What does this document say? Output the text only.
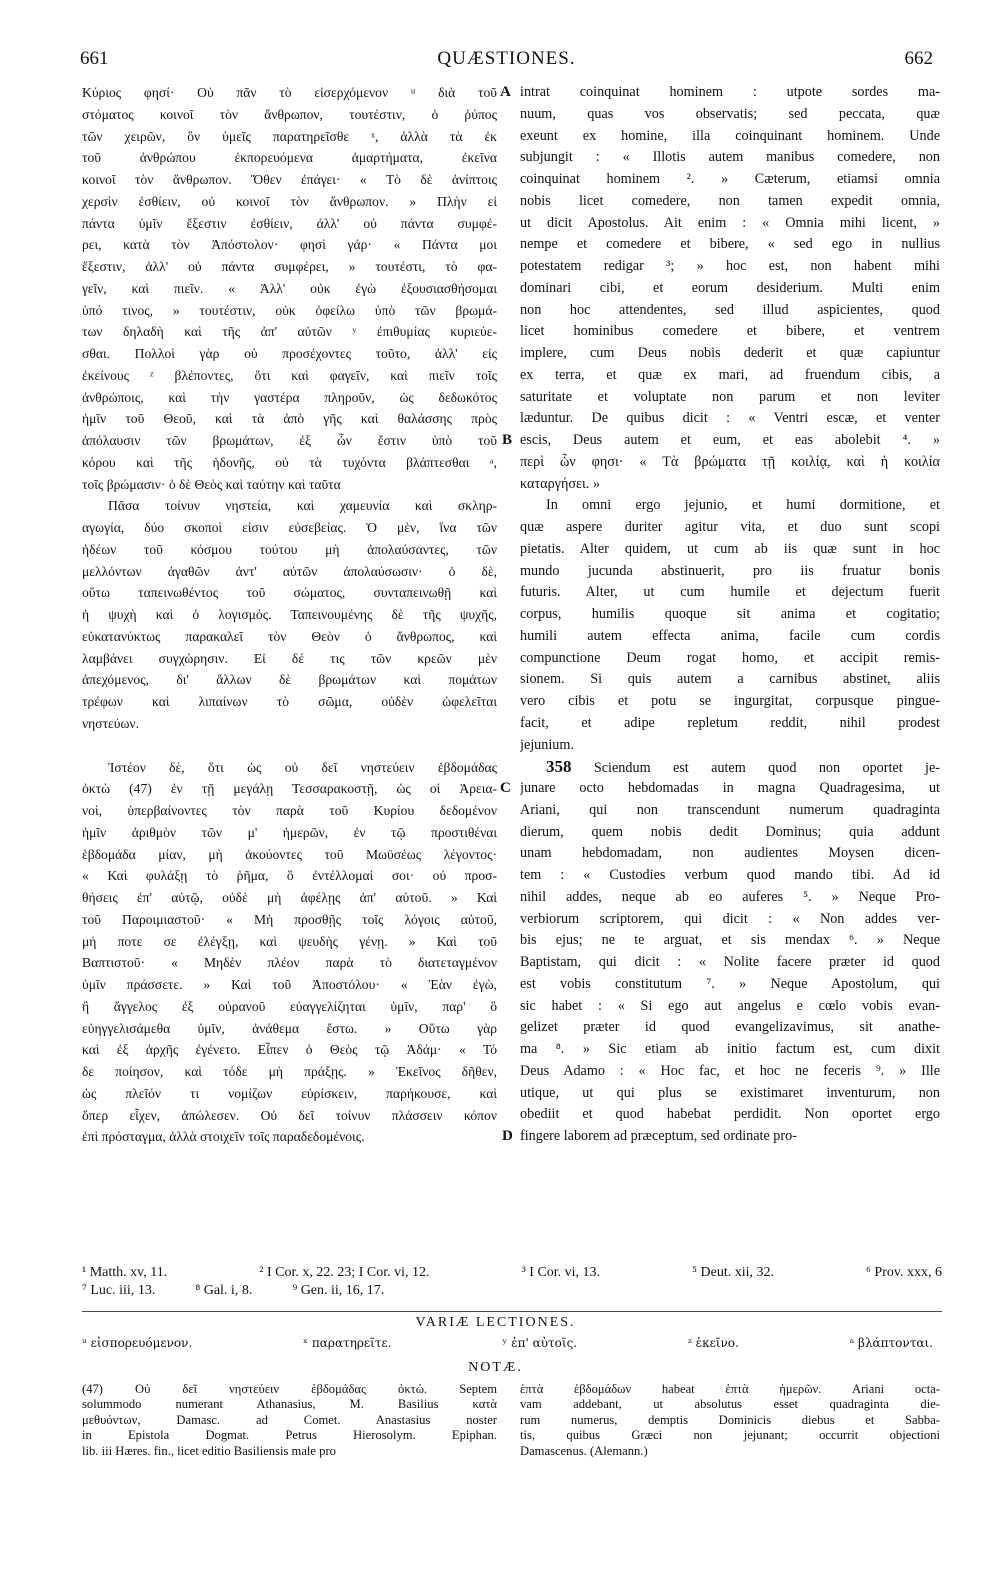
661	QUÆSTIONES.	662
Κύριος φησί· Οὐ πᾶν τὸ εἰσερχόμενον ᵘ διὰ τοῦ
στόματος κοινοῖ τὸν ἄνθρωπον, τουτέστιν, ὁ ῥύπος
τῶν χειρῶν, ὃν ὑμεῖς παρατηρεῖσθε ˣ, ἀλλὰ τὰ ἐκ
τοῦ ἀνθρώπου ἐκπορευόμενα ἁμαρτήματα, ἐκεῖνα
κοινοῖ τὸν ἄνθρωπον. Ὅθεν ἐπάγει· « Τὸ δὲ ἀνίπτοις
χερσὶν ἐσθίειν, οὐ κοινοῖ τὸν ἄνθρωπον. » Πλὴν εἰ
πάντα ὑμῖν ἔξεστιν ἐσθίειν, ἀλλ' οὐ πάντα συμφέ-
ρει, κατὰ τὸν Ἀπόστολον· φησὶ γάρ· « Πάντα μοι
ἔξεστιν, ἀλλ' οὐ πάντα συμφέρει, » τουτέστι, τὸ φα-
γεῖν, καὶ πιεῖν. « Ἀλλ' οὐκ ἐγὼ ἐξουσιασθήσομαι
ὑπό τινος, » τουτέστιν, οὐκ ὀφείλω ὑπὸ τῶν βρωμά-
των δηλαδὴ καὶ τῆς ἀπ' αὐτῶν ʸ ἐπιθυμίας κυριεύε-
σθαι. Πολλοὶ γὰρ οὐ προσέχοντες τοῦτο, ἀλλ' εἰς
ἐκείνους ᶻ βλέποντες, ὅτι καὶ φαγεῖν, καὶ πιεῖν τοῖς
ἀνθρώποις, καὶ τὴν γαστέρα πληροῦν, ὡς δεδωκότος
ἡμῖν τοῦ Θεοῦ, καὶ τὰ ἀπὸ γῆς καὶ θαλάσσης πρὸς
ἀπόλαυσιν τῶν βρωμάτων, ἐξ ὧν ἔστιν ὑπὸ τοῦ
κόρου καὶ τῆς ἡδονῆς, οὐ τὰ τυχόντα βλάπτεσθαι ᵃ,
τοῖς βρώμασιν· ὁ δὲ Θεὸς καὶ ταύτην καὶ ταῦτα
Πᾶσα τοίνυν νηστεία, καὶ χαμευνία καὶ σκληρ-
αγωγία, δύο σκοποὶ εἰσιν εὐσεβείας. Ὁ μὲν, ἵνα τῶν
ἡδέων τοῦ κόσμου τούτου μὴ ἀπολαύσαντες, τῶν
μελλόντων ἀγαθῶν ἀντ' αὐτῶν ἀπολαύσωσιν· ὁ δὲ,
οὕτω ταπεινωθέντος τοῦ σώματος, συνταπεινωθῇ καὶ
ἡ ψυχὴ καὶ ὁ λογισμός. Ταπεινουμένης δὲ τῆς ψυχῆς,
εὐκατανύκτως παρακαλεῖ τὸν Θεὸν ὁ ἄνθρωπος, καὶ
λαμβάνει συγχώρησιν. Εἰ δέ τις τῶν κρεῶν μὲν
ἀπεχόμενος, δι' ἄλλων δὲ βρωμάτων καὶ πομάτων
τρέφων καὶ λιπαίνων τὸ σῶμα, οὐδὲν ὠφελεῖται
νηστεύων.
Ἰστέον δὲ, ὅτι ὡς οὐ δεῖ νηστεύειν ἑβδομάδας
ὀκτὼ (47) ἐν τῇ μεγάλῃ Τεσσαρακοστῇ, ὡς οἱ Ἀρεια-
νοὶ, ὑπερβαίνοντες τὸν παρὰ τοῦ Κυρίου δεδομένον
ἡμῖν ἀριθμὸν τῶν μ' ἡμερῶν, ἐν τῷ προστιθέναι
ἑβδομάδα μίαν, μὴ ἀκούοντες τοῦ Μωϋσέως λέγοντος·
« Καὶ φυλάξῃ τὸ ῥῆμα, ὃ ἐντέλλομαί σοι· οὐ προσ-
θήσεις ἐπ' αὐτῷ, οὐδὲ μὴ ἀφέλῃς ἀπ' αὐτοῦ. » Καὶ
τοῦ Παροιμιαστοῦ· « Μὴ προσθῇς τοῖς λόγοις αὐτοῦ,
μή ποτε σε ἐλέγξῃ, καὶ ψευδὴς γένῃ. » Καὶ τοῦ
Βαπτιστοῦ· « Μηδὲν πλέον παρὰ τὸ διατεταγμένον
ὑμῖν πράσσετε. » Καὶ τοῦ Ἀποστόλου· « Ἐὰν ἐγὼ,
ἢ ἄγγελος ἐξ οὐρανοῦ εὐαγγελίζηται ὑμῖν, παρ' ὃ
εὐηγγελισάμεθα ὑμῖν, ἀνάθεμα ἔστω. » Οὕτω γὰρ
καὶ ἐξ ἀρχῆς ἐγένετο. Εἶπεν ὁ Θεὸς τῷ Ἀδάμ· « Τό
δε ποίησον, καὶ τόδε μὴ πράξῃς. » Ἐκεῖνος δῆθεν,
ὡς πλεῖόν τι νομίζων εὑρίσκειν, παρήκουσε, καὶ
ὅπερ εἶχεν, ἀπώλεσεν. Οὐ δεῖ τοίνυν πλάσσειν κόπον
ἐπὶ πρόσταγμα, ἀλλὰ στοιχεῖν τοῖς παραδεδομένοις.
intrat coinquinat hominem : utpote sordes ma-
nuum, quas vos observatis; sed peccata, quæ
exeunt ex homine, illa coinquinant hominem. Unde
subjungit : « Illotis autem manibus comedere, non
coinquinat hominem ². » Cæterum, etiamsi omnia
nobis licet comedere, non tamen expedit omnia,
ut dicit Apostolus. Ait enim : « Omnia mihi licent, »
nempe et comedere et bibere, « sed ego in nullius
potestatem redigar ³; » hoc est, non habent mihi
dominari cibi, et eorum desiderium. Multi enim
non hoc attendentes, sed illud aspicientes, quod
licet hominibus comedere et bibere, et ventrem
implere, cum Deus nobis dederit et quæ capiuntur
ex terra, et quæ ex mari, ad fruendum cibis, a
saturitate et voluptate non parum et non leviter
læduntur. De quibus dicit : « Ventri escæ, et venter
escis, Deus autem et eum, et eas abolebit ⁴. »
περὶ ὧν φησι· « Τὰ βρώματα τῇ κοιλίᾳ, καὶ ἡ κοιλία
καταργήσει. »
In omni ergo jejunio, et humi dormitione, et
quæ aspere duriter agitur vita, et duo sunt scopi
pietatis. Alter quidem, ut cum ab iis quæ sunt in hoc
mundo jucunda abstinuerit, pro iis fruatur bonis
futuris. Alter, ut cum humile et dejectum fuerit
corpus, humilis quoque sit anima et cogitatio;
humili autem effecta anima, facile cum cordis
compunctione Deum rogat homo, et accipit remis-
sionem. Si quis autem a carnibus abstinet, aliis
vero cibis et potu se ingurgitat, corpusque pingue-
facit, et adipe repletum reddit, nihil prodest
jejunium.
358 Sciendum est autem quod non oportet je-
junare octo hebdomadas in magna Quadragesima, ut
Ariani, qui non transcendunt numerum quadraginta
dierum, quem nobis dedit Dominus; quia addunt
unam hebdomadam, non audientes Moysen dicen-
tem : « Custodies verbum quod mando tibi. Ad id
nihil addes, neque ab eo auferes ⁵. » Neque Pro-
verbiorum scriptorem, qui dicit : « Non addes ver-
bis ejus; ne te arguat, et sis mendax ⁶. » Neque
Baptistam, qui dicit : « Nolite facere præter id quod
est vobis constitutum ⁷. » Neque Apostolum, qui
sic habet : « Si ego aut angelus e cœlo vobis evan-
gelizet præter id quod evangelizavimus, sit anathe-
ma ⁸. » Sic etiam ab initio factum est, cum dixit
Deus Adamo : « Hoc fac, et hoc ne feceris ⁹. » Ille
utique, ut qui plus se existimaret inventurum, non
obediit et quod habebat perdidit. Non oportet ergo
fingere laborem ad præceptum, sed ordinate pro-
A
B
C
D
¹ Matth. xv, 11.	² I Cor. x, 22. 23; I Cor. vi, 12.	³ I Cor. vi, 13.	⁵ Deut. xii, 32.	⁶ Prov. xxx, 6
⁷ Luc. iii, 13.	⁸ Gal. i, 8.	⁹ Gen. ii, 16, 17.
VARIÆ LECTIONES.
ᵘ εἰσπορευόμενον.	ˣ παρατηρεῖτε.	ʸ ἐπ' αὐτοῖς.	ᶻ ἐκεῖνο.	ᵃ βλάπτονται.
NOTÆ.
(47) Οὐ δεῖ νηστεύειν ἑβδομάδας ὀκτώ. Septem
solummodo numerant Athanasius, M. Basilius κατὰ
μεθυόντων, Damasc. ad Comet. Anastasius noster
in Epistola Dogmat. Petrus Hierosolym. Epiphan.
lib. iii Hæres. fin., licet editio Basiliensis male pro
ἑπτὰ ἑβδομάδων habeat ἑπτὰ ἡμερῶν. Ariani octa-
vam addebant, ut absolutus esset quadraginta die-
rum numerus, demptis Dominicis diebus et Sabba-
tis, quibus Græci non jejunant; occurrit objectioni
Damascenus. (Alemann.)
